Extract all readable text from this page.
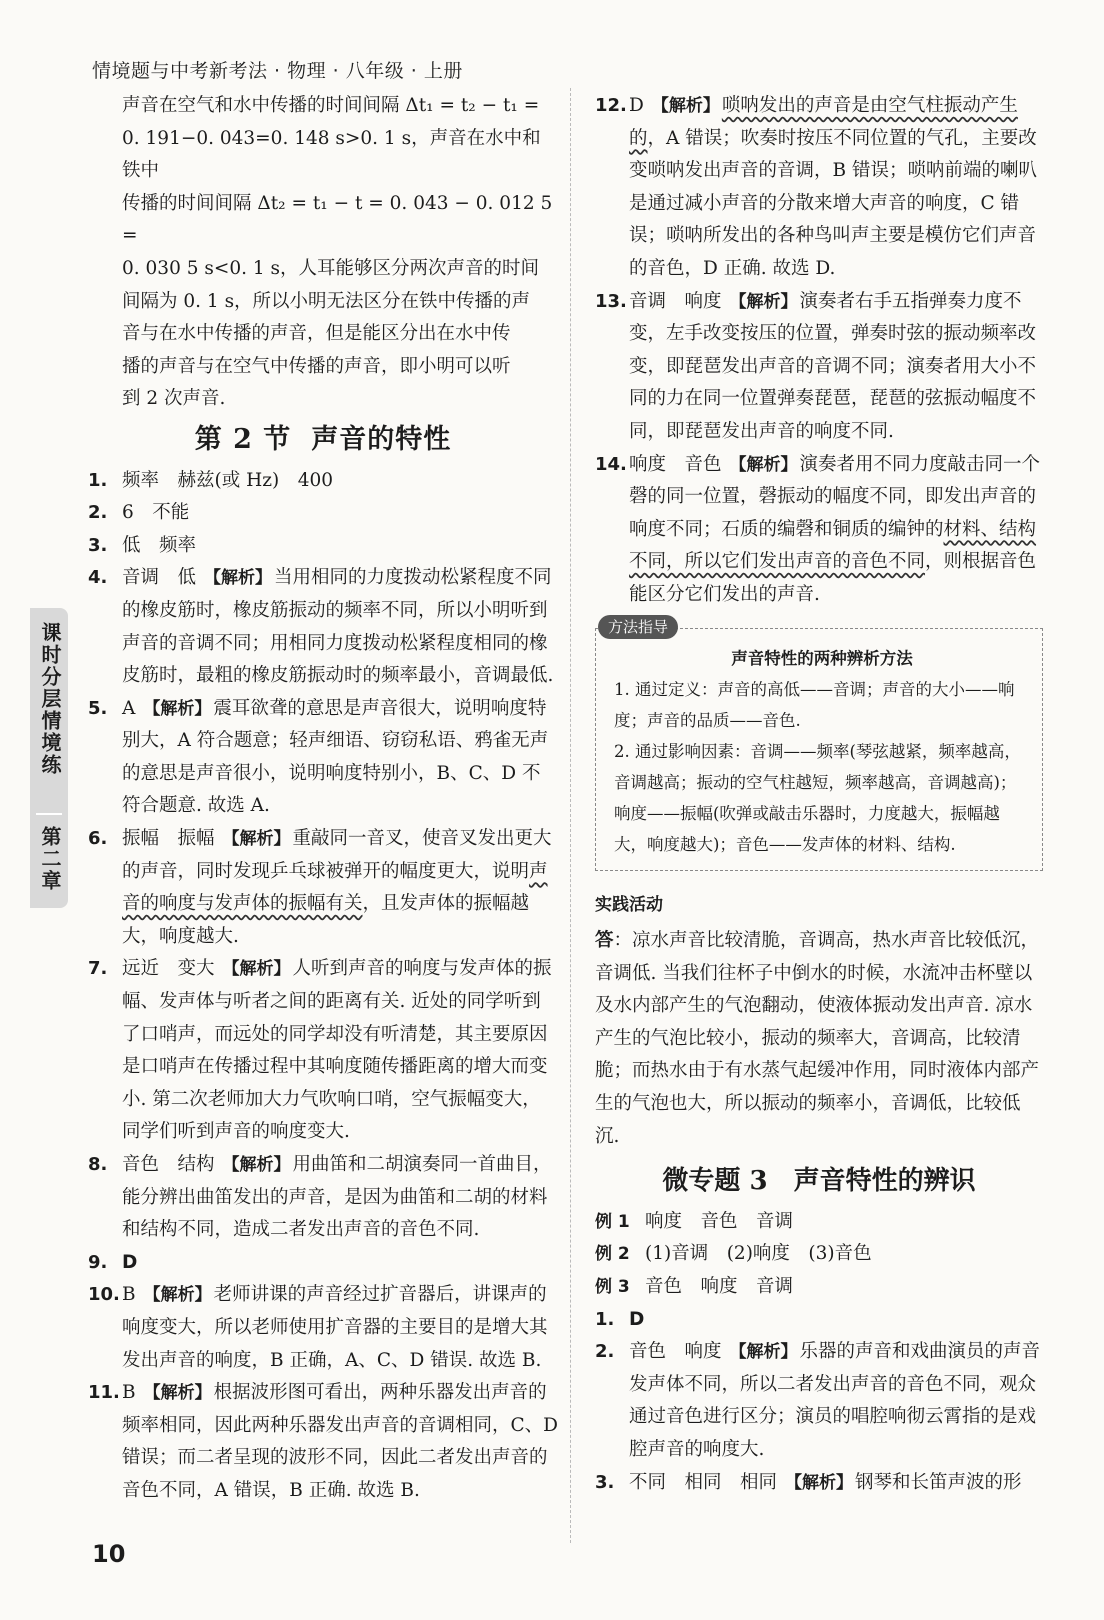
情境题与中考新考法 · 物理 · 八年级 · 上册
课时分层情境练
第二章
声音在空气和水中传播的时间间隔 Δt₁ = t₂ − t₁ =
0. 191−0. 043=0. 148 s>0. 1 s，声音在水中和铁中
传播的时间间隔 Δt₂ = t₁ − t = 0. 043 − 0. 012 5 =
0. 030 5 s<0. 1 s，人耳能够区分两次声音的时间
间隔为 0. 1 s，所以小明无法区分在铁中传播的声
音与在水中传播的声音，但是能区分出在水中传
播的声音与在空气中传播的声音，即小明可以听
到 2 次声音.
第 2 节 声音的特性
1. 频率　赫兹(或 Hz)　400
2. 6　不能
3. 低　频率
4. 音调　低 【解析】 当用相同的力度拨动松紧程度不同的橡皮筋时，橡皮筋振动的频率不同，所以小明听到声音的音调不同；用相同力度拨动松紧程度相同的橡皮筋时，最粗的橡皮筋振动时的频率最小，音调最低.
5. A 【解析】 震耳欲聋的意思是声音很大，说明响度特别大，A 符合题意；轻声细语、窃窃私语、鸦雀无声的意思是声音很小，说明响度特别小，B、C、D 不符合题意. 故选 A.
6. 振幅　振幅 【解析】 重敲同一音叉，使音叉发出更大的声音，同时发现乒乓球被弹开的幅度更大，说明声音的响度与发声体的振幅有关，且发声体的振幅越大，响度越大.
7. 远近　变大 【解析】 人听到声音的响度与发声体的振幅、发声体与听者之间的距离有关. 近处的同学听到了口哨声，而远处的同学却没有听清楚，其主要原因是口哨声在传播过程中其响度随传播距离的增大而变小. 第二次老师加大力气吹响口哨，空气振幅变大，同学们听到声音的响度变大.
8. 音色　结构 【解析】 用曲笛和二胡演奏同一首曲目，能分辨出曲笛发出的声音，是因为曲笛和二胡的材料和结构不同，造成二者发出声音的音色不同.
9. D
10. B 【解析】 老师讲课的声音经过扩音器后，讲课声的响度变大，所以老师使用扩音器的主要目的是增大其发出声音的响度，B 正确，A、C、D 错误. 故选 B.
11. B 【解析】 根据波形图可看出，两种乐器发出声音的频率相同，因此两种乐器发出声音的音调相同，C、D 错误；而二者呈现的波形不同，因此二者发出声音的音色不同，A 错误，B 正确. 故选 B.
12. D 【解析】 唢呐发出的声音是由空气柱振动产生的，A 错误；吹奏时按压不同位置的气孔，主要改变唢呐发出声音的音调，B 错误；唢呐前端的喇叭是通过减小声音的分散来增大声音的响度，C 错误；唢呐所发出的各种鸟叫声主要是模仿它们声音的音色，D 正确. 故选 D.
13. 音调　响度 【解析】 演奏者右手五指弹奏力度不变，左手改变按压的位置，弹奏时弦的振动频率改变，即琵琶发出声音的音调不同；演奏者用大小不同的力在同一位置弹奏琵琶，琵琶的弦振动幅度不同，即琵琶发出声音的响度不同.
14. 响度　音色 【解析】 演奏者用不同力度敲击同一个磬的同一位置，磬振动的幅度不同，即发出声音的响度不同；石质的编磬和铜质的编钟的材料、结构不同，所以它们发出声音的音色不同，则根据音色能区分它们发出的声音.
方法指导
声音特性的两种辨析方法
1. 通过定义：声音的高低——音调；声音的大小——响度；声音的品质——音色.
2. 通过影响因素：音调——频率(琴弦越紧，频率越高，音调越高；振动的空气柱越短，频率越高，音调越高)；响度——振幅(吹弹或敲击乐器时，力度越大，振幅越大，响度越大)；音色——发声体的材料、结构.
实践活动
答：凉水声音比较清脆，音调高，热水声音比较低沉，音调低. 当我们往杯子中倒水的时候，水流冲击杯壁以及水内部产生的气泡翻动，使液体振动发出声音. 凉水产生的气泡比较小，振动的频率大，音调高，比较清脆；而热水由于有水蒸气起缓冲作用，同时液体内部产生的气泡也大，所以振动的频率小，音调低，比较低沉.
微专题 3　声音特性的辨识
例 1 响度　音色　音调
例 2 (1)音调　(2)响度　(3)音色
例 3 音色　响度　音调
1. D
2. 音色　响度 【解析】 乐器的声音和戏曲演员的声音发声体不同，所以二者发出声音的音色不同，观众通过音色进行区分；演员的唱腔响彻云霄指的是戏腔声音的响度大.
3. 不同　相同　相同 【解析】 钢琴和长笛声波的形
10
